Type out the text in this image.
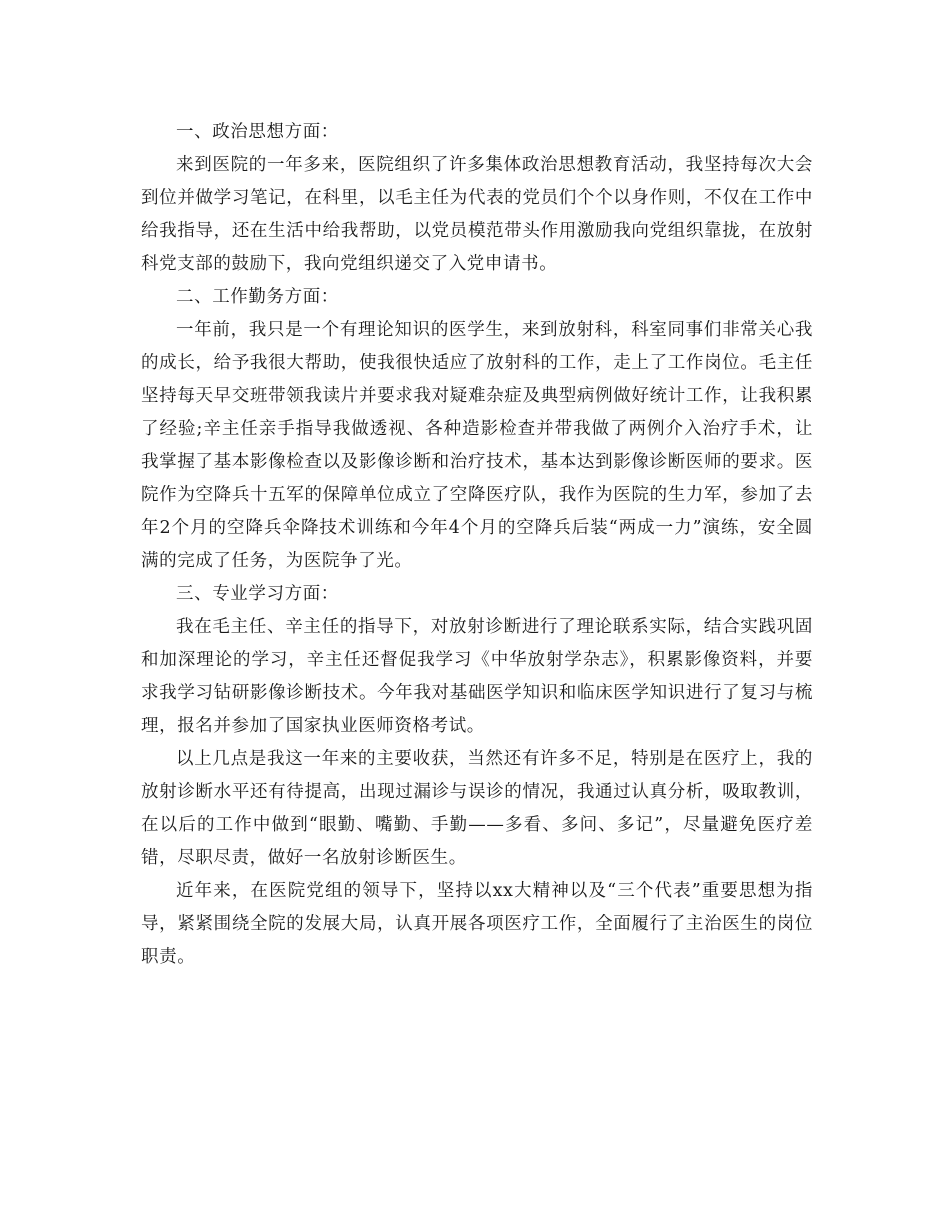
一、政治思想方面：

来到医院的一年多来，医院组织了许多集体政治思想教育活动，我坚持每次大会到位并做学习笔记，在科里，以毛主任为代表的党员们个个以身作则，不仅在工作中给我指导，还在生活中给我帮助，以党员模范带头作用激励我向党组织靠拢，在放射科党支部的鼓励下，我向党组织递交了入党申请书。

二、工作勤务方面：

一年前，我只是一个有理论知识的医学生，来到放射科，科室同事们非常关心我的成长，给予我很大帮助，使我很快适应了放射科的工作，走上了工作岗位。毛主任坚持每天早交班带领我读片并要求我对疑难杂症及典型病例做好统计工作，让我积累了经验;辛主任亲手指导我做透视、各种造影检查并带我做了两例介入治疗手术，让我掌握了基本影像检查以及影像诊断和治疗技术，基本达到影像诊断医师的要求。医院作为空降兵十五军的保障单位成立了空降医疗队，我作为医院的生力军，参加了去年2个月的空降兵伞降技术训练和今年4个月的空降兵后装“两成一力”演练，安全圆满的完成了任务，为医院争了光。

三、专业学习方面：

我在毛主任、辛主任的指导下，对放射诊断进行了理论联系实际，结合实践巩固和加深理论的学习，辛主任还督促我学习《中华放射学杂志》，积累影像资料，并要求我学习钻研影像诊断技术。今年我对基础医学知识和临床医学知识进行了复习与梳理，报名并参加了国家执业医师资格考试。

以上几点是我这一年来的主要收获，当然还有许多不足，特别是在医疗上，我的放射诊断水平还有待提高，出现过漏诊与误诊的情况，我通过认真分析，吸取教训，在以后的工作中做到“眼勤、嘴勤、手勤——多看、多问、多记”，尽量避免医疗差错，尽职尽责，做好一名放射诊断医生。

近年来，在医院党组的领导下，坚持以xx大精神以及“三个代表”重要思想为指导，紧紧围绕全院的发展大局，认真开展各项医疗工作，全面履行了主治医生的岗位职责。
